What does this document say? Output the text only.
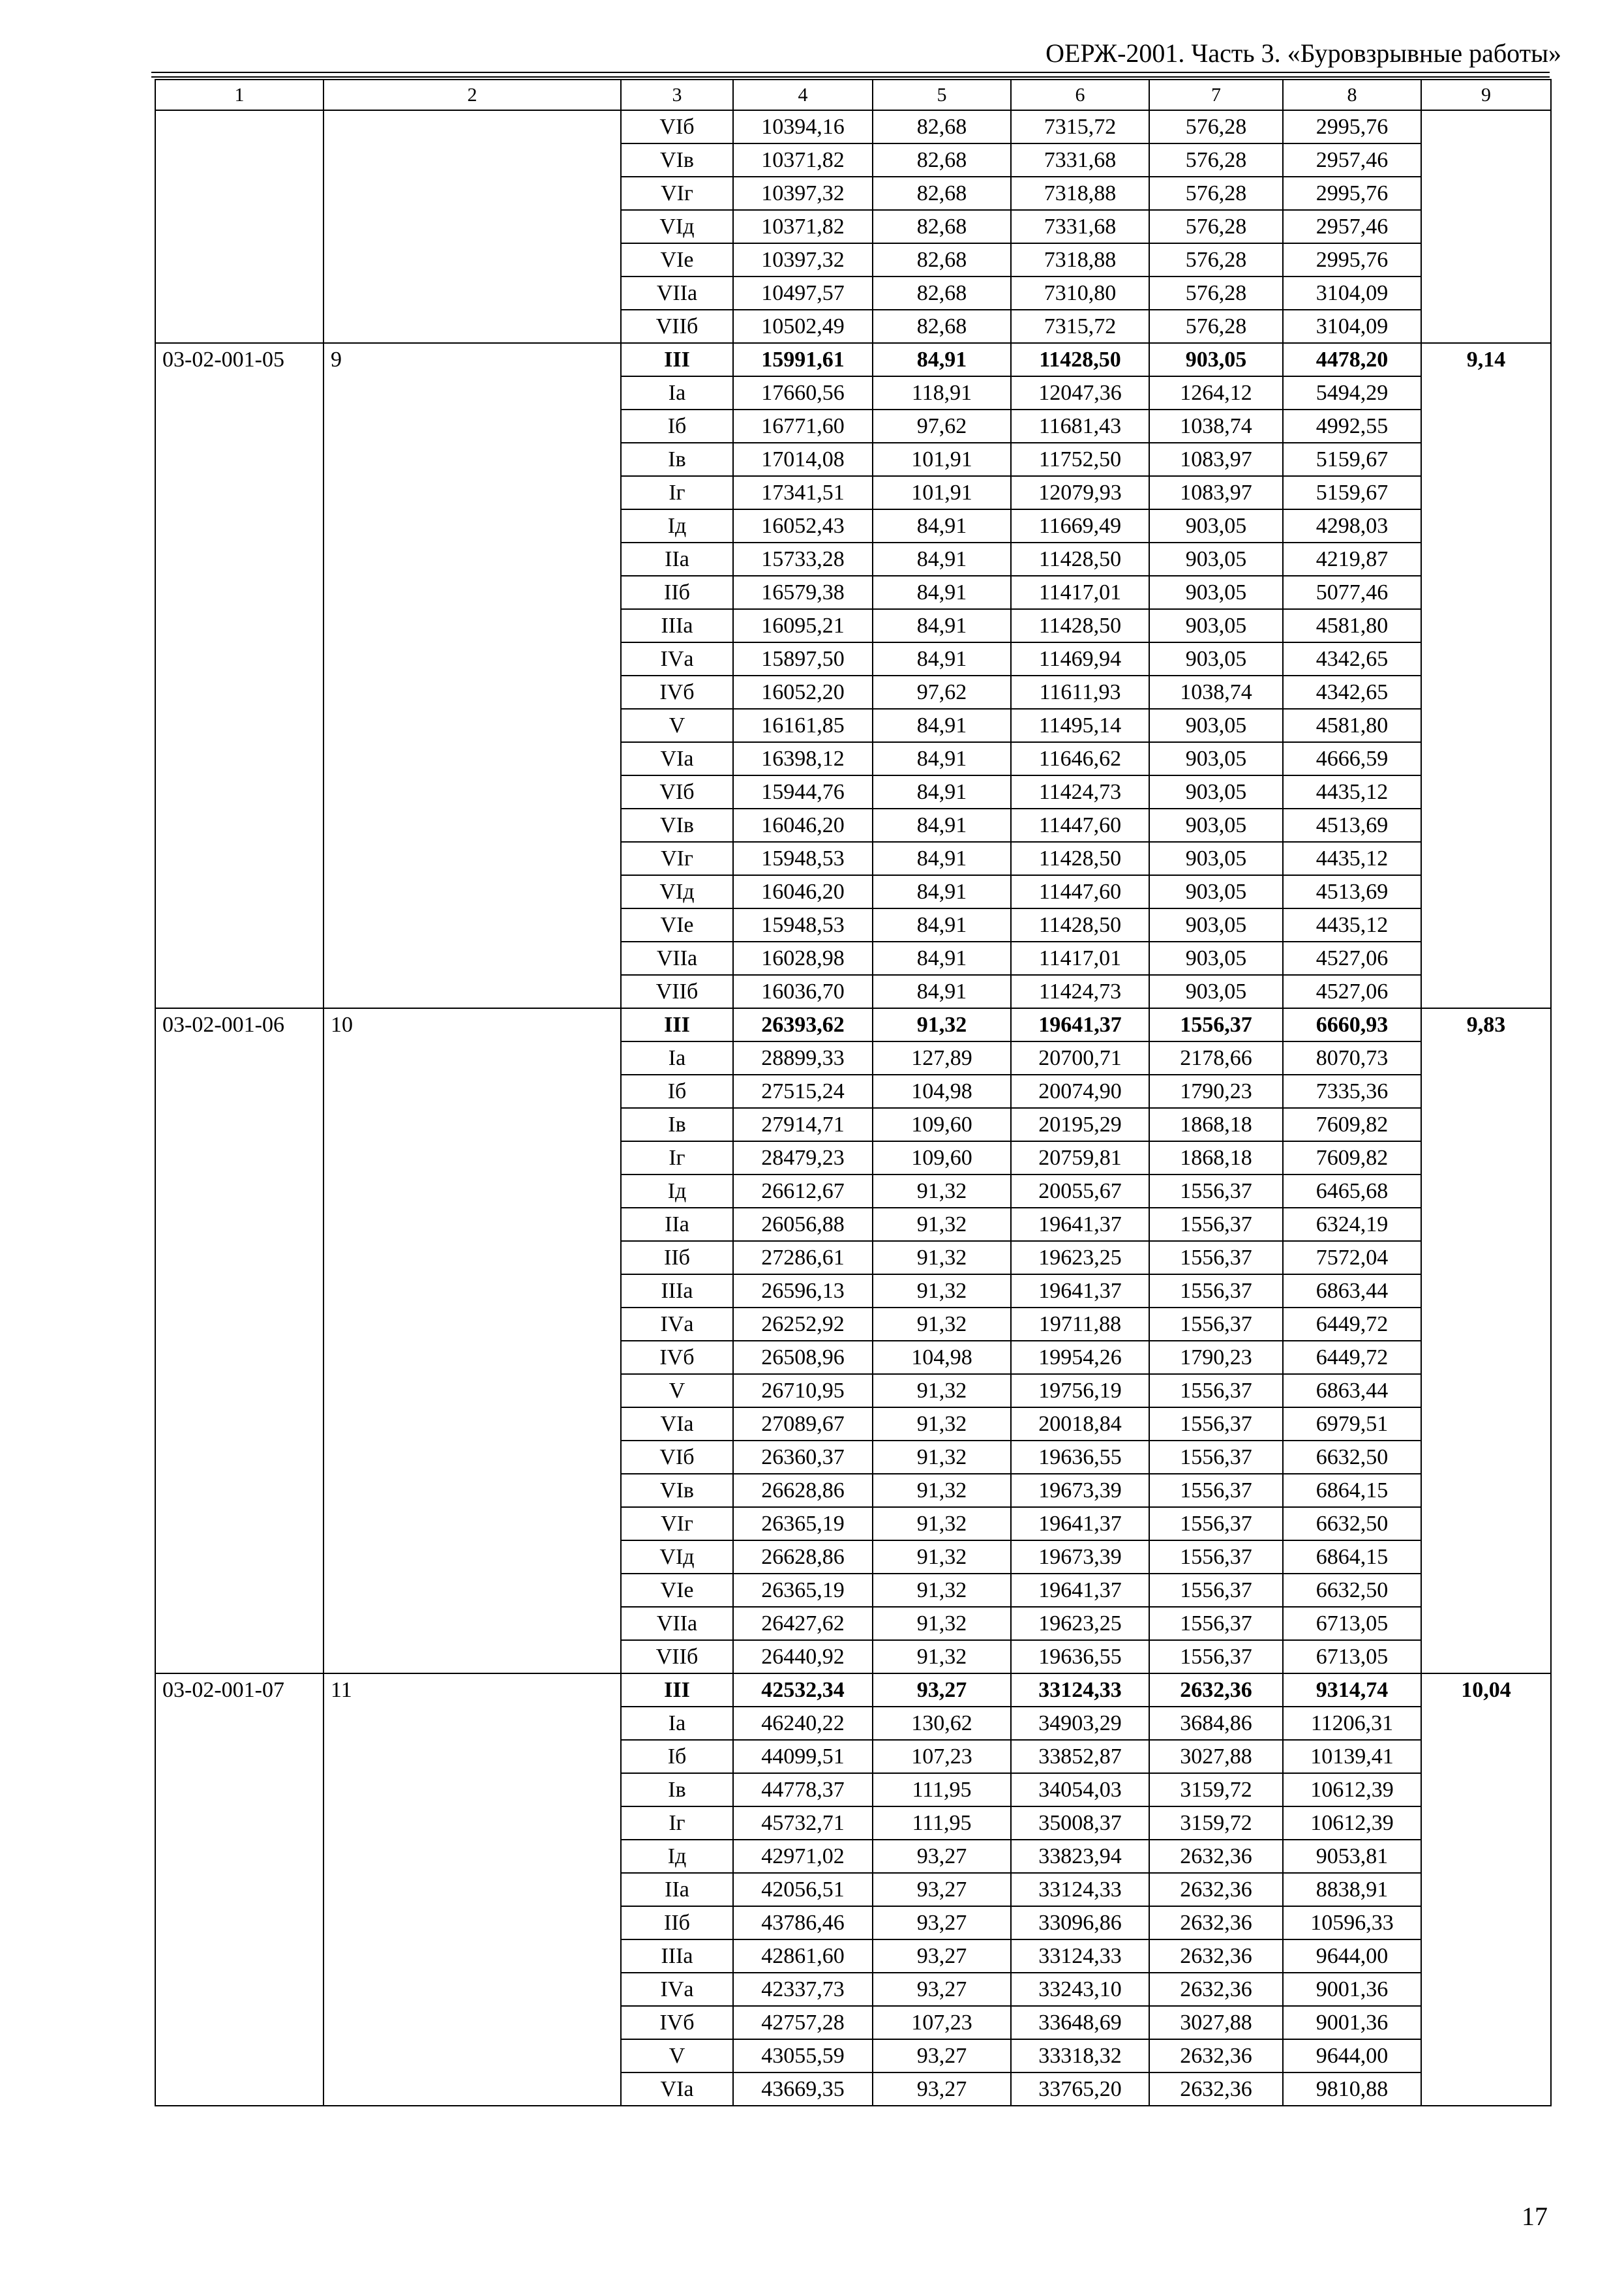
ОЕРЖ-2001. Часть 3. «Буровзрывные работы»
1	2	3	4	5	6	7	8	9
		VIб	10394,16	82,68	7315,72	576,28	2995,76	
		VIв	10371,82	82,68	7331,68	576,28	2957,46	
		VIг	10397,32	82,68	7318,88	576,28	2995,76	
		VIд	10371,82	82,68	7331,68	576,28	2957,46	
		VIе	10397,32	82,68	7318,88	576,28	2995,76	
		VIIа	10497,57	82,68	7310,80	576,28	3104,09	
		VIIб	10502,49	82,68	7315,72	576,28	3104,09	
03-02-001-05	9	III	15991,61	84,91	11428,50	903,05	4478,20	9,14
		Iа	17660,56	118,91	12047,36	1264,12	5494,29	
		Iб	16771,60	97,62	11681,43	1038,74	4992,55	
		Iв	17014,08	101,91	11752,50	1083,97	5159,67	
		Iг	17341,51	101,91	12079,93	1083,97	5159,67	
		Iд	16052,43	84,91	11669,49	903,05	4298,03	
		IIа	15733,28	84,91	11428,50	903,05	4219,87	
		IIб	16579,38	84,91	11417,01	903,05	5077,46	
		IIIа	16095,21	84,91	11428,50	903,05	4581,80	
		IVа	15897,50	84,91	11469,94	903,05	4342,65	
		IVб	16052,20	97,62	11611,93	1038,74	4342,65	
		V	16161,85	84,91	11495,14	903,05	4581,80	
		VIа	16398,12	84,91	11646,62	903,05	4666,59	
		VIб	15944,76	84,91	11424,73	903,05	4435,12	
		VIв	16046,20	84,91	11447,60	903,05	4513,69	
		VIг	15948,53	84,91	11428,50	903,05	4435,12	
		VIд	16046,20	84,91	11447,60	903,05	4513,69	
		VIе	15948,53	84,91	11428,50	903,05	4435,12	
		VIIа	16028,98	84,91	11417,01	903,05	4527,06	
		VIIб	16036,70	84,91	11424,73	903,05	4527,06	
03-02-001-06	10	III	26393,62	91,32	19641,37	1556,37	6660,93	9,83
		Iа	28899,33	127,89	20700,71	2178,66	8070,73	
		Iб	27515,24	104,98	20074,90	1790,23	7335,36	
		Iв	27914,71	109,60	20195,29	1868,18	7609,82	
		Iг	28479,23	109,60	20759,81	1868,18	7609,82	
		Iд	26612,67	91,32	20055,67	1556,37	6465,68	
		IIа	26056,88	91,32	19641,37	1556,37	6324,19	
		IIб	27286,61	91,32	19623,25	1556,37	7572,04	
		IIIа	26596,13	91,32	19641,37	1556,37	6863,44	
		IVа	26252,92	91,32	19711,88	1556,37	6449,72	
		IVб	26508,96	104,98	19954,26	1790,23	6449,72	
		V	26710,95	91,32	19756,19	1556,37	6863,44	
		VIа	27089,67	91,32	20018,84	1556,37	6979,51	
		VIб	26360,37	91,32	19636,55	1556,37	6632,50	
		VIв	26628,86	91,32	19673,39	1556,37	6864,15	
		VIг	26365,19	91,32	19641,37	1556,37	6632,50	
		VIд	26628,86	91,32	19673,39	1556,37	6864,15	
		VIе	26365,19	91,32	19641,37	1556,37	6632,50	
		VIIа	26427,62	91,32	19623,25	1556,37	6713,05	
		VIIб	26440,92	91,32	19636,55	1556,37	6713,05	
03-02-001-07	11	III	42532,34	93,27	33124,33	2632,36	9314,74	10,04
		Iа	46240,22	130,62	34903,29	3684,86	11206,31	
		Iб	44099,51	107,23	33852,87	3027,88	10139,41	
		Iв	44778,37	111,95	34054,03	3159,72	10612,39	
		Iг	45732,71	111,95	35008,37	3159,72	10612,39	
		Iд	42971,02	93,27	33823,94	2632,36	9053,81	
		IIа	42056,51	93,27	33124,33	2632,36	8838,91	
		IIб	43786,46	93,27	33096,86	2632,36	10596,33	
		IIIа	42861,60	93,27	33124,33	2632,36	9644,00	
		IVа	42337,73	93,27	33243,10	2632,36	9001,36	
		IVб	42757,28	107,23	33648,69	3027,88	9001,36	
		V	43055,59	93,27	33318,32	2632,36	9644,00	
		VIа	43669,35	93,27	33765,20	2632,36	9810,88	
17
